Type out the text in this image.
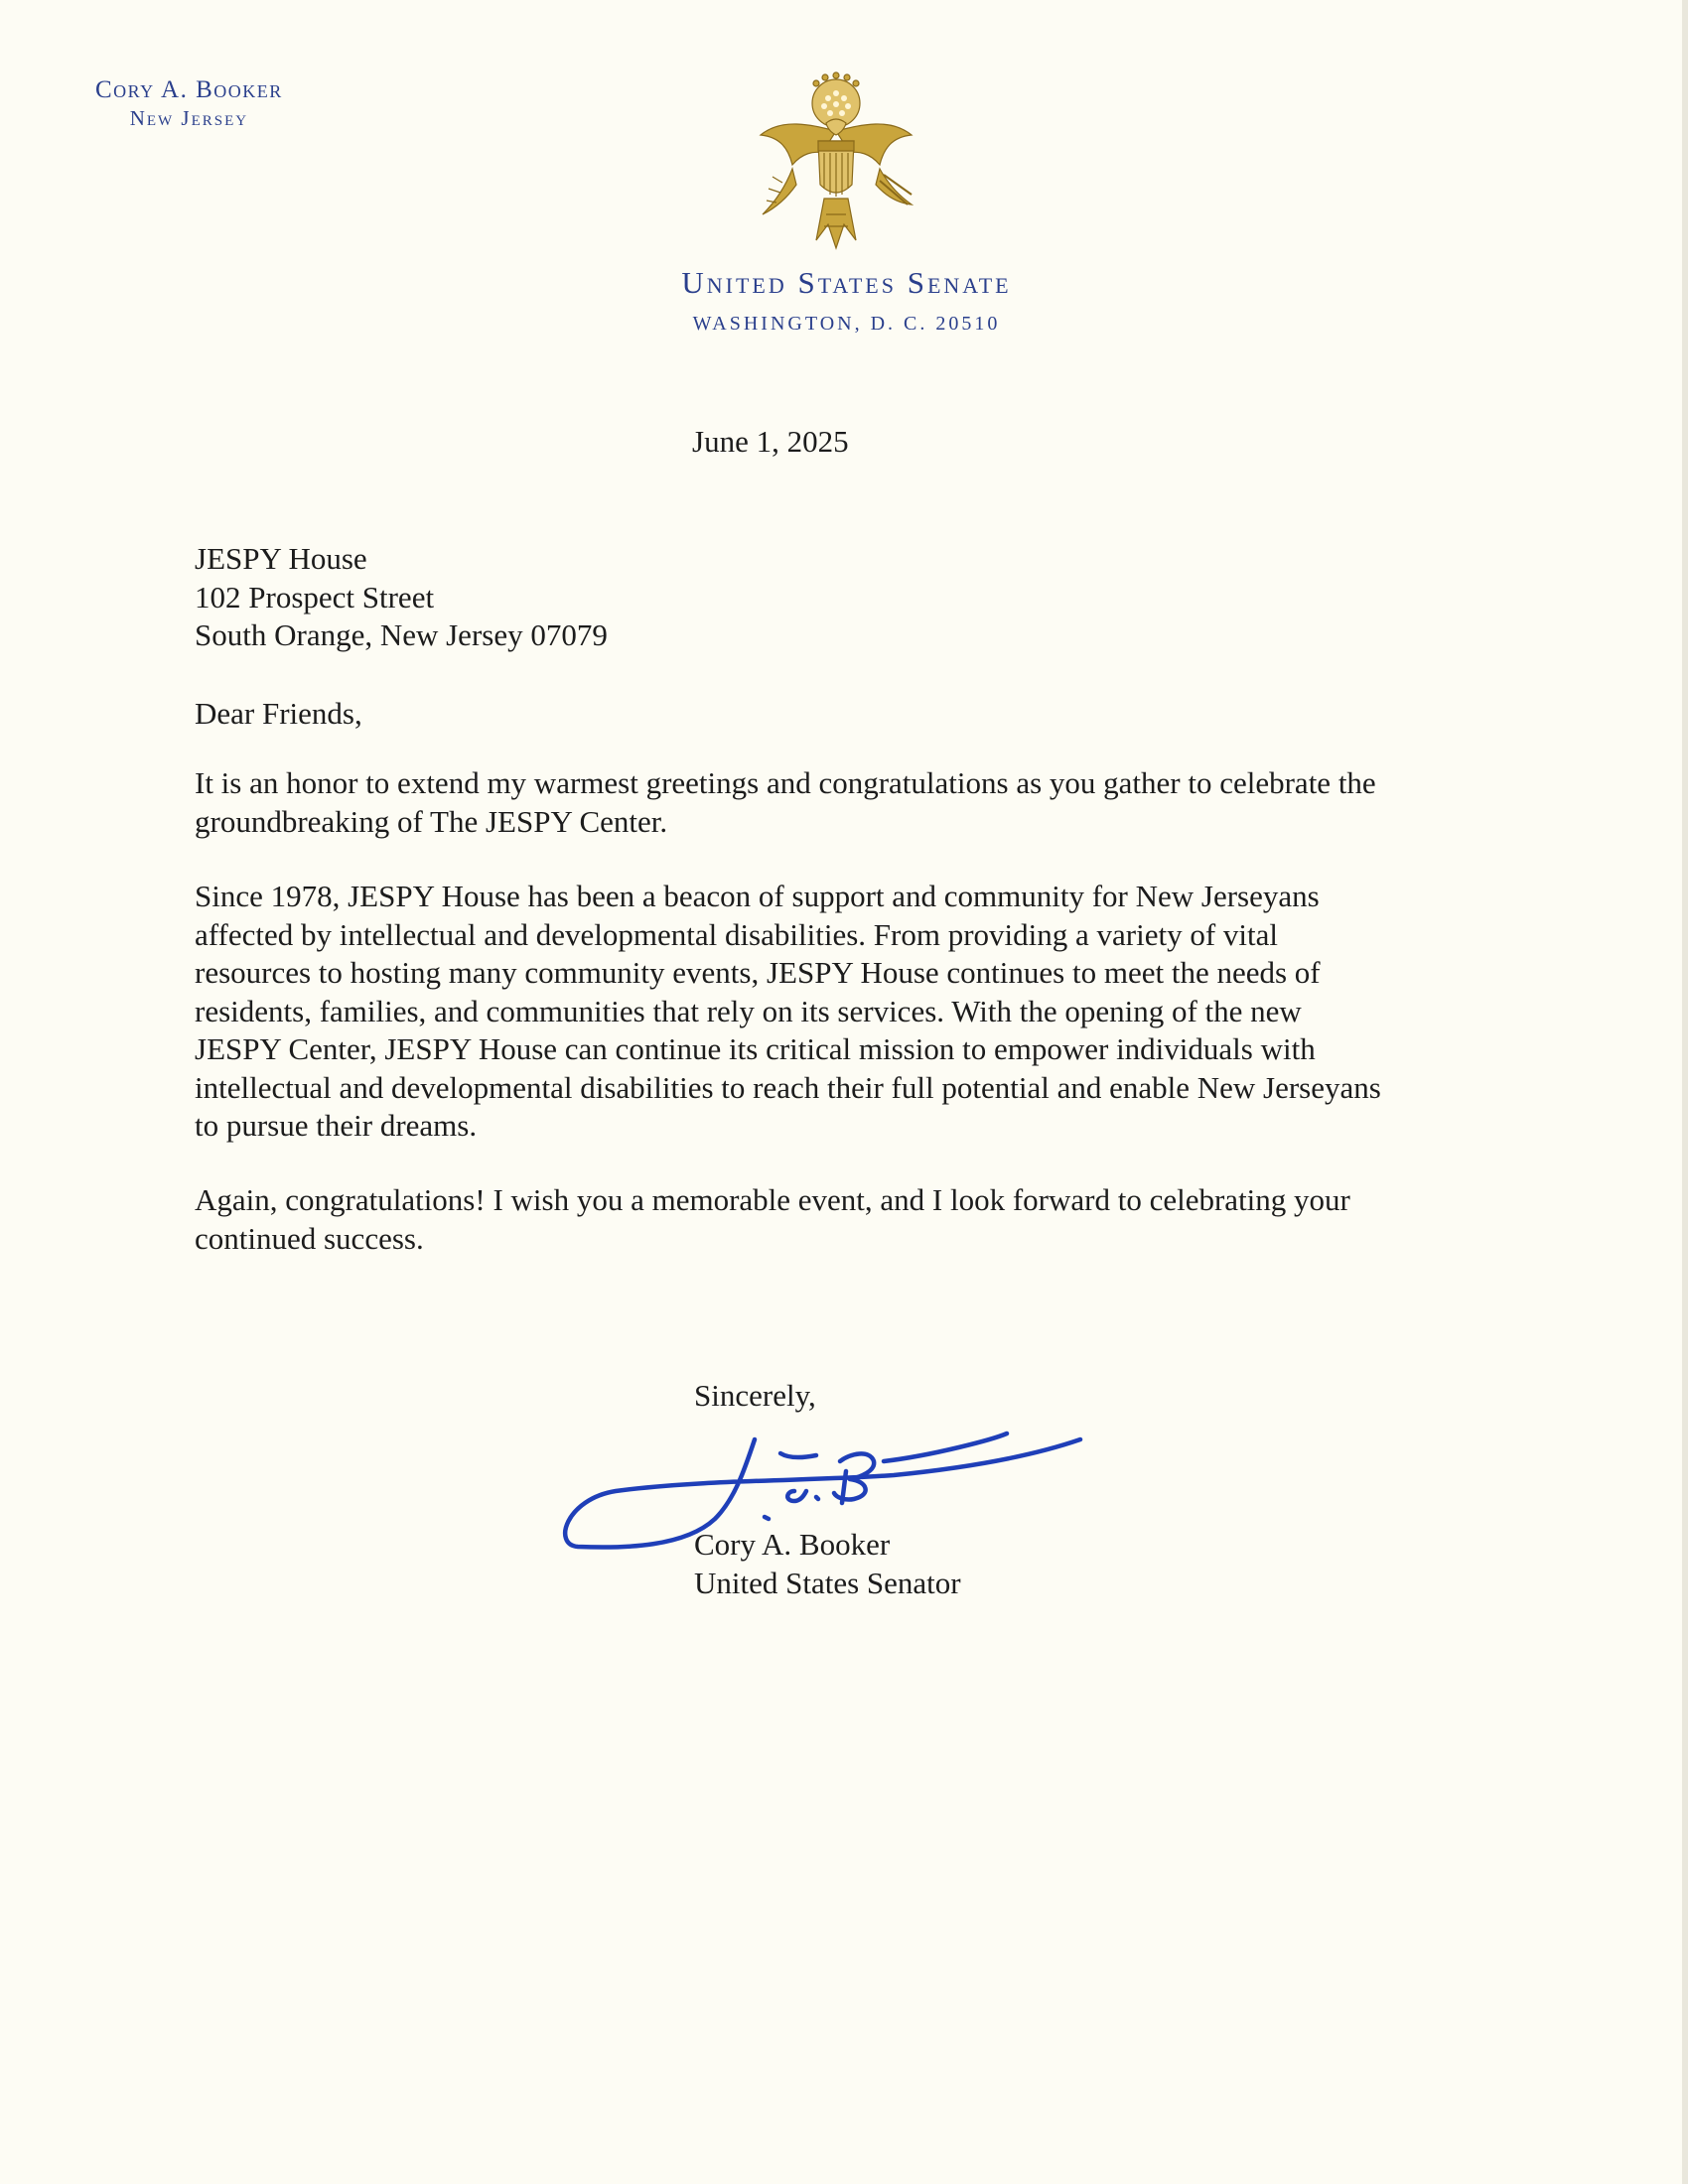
Cory A. Booker
New Jersey
United States Senate
WASHINGTON, D. C. 20510
June 1, 2025
JESPY House
102 Prospect Street
South Orange, New Jersey 07079
Dear Friends,
It is an honor to extend my warmest greetings and congratulations as you gather to celebrate the
groundbreaking of The JESPY Center.
Since 1978, JESPY House has been a beacon of support and community for New Jerseyans
affected by intellectual and developmental disabilities. From providing a variety of vital
resources to hosting many community events, JESPY House continues to meet the needs of
residents, families, and communities that rely on its services. With the opening of the new
JESPY Center, JESPY House can continue its critical mission to empower individuals with
intellectual and developmental disabilities to reach their full potential and enable New Jerseyans
to pursue their dreams.
Again, congratulations! I wish you a memorable event, and I look forward to celebrating your
continued success.
Sincerely,
Cory A. Booker
United States Senator
